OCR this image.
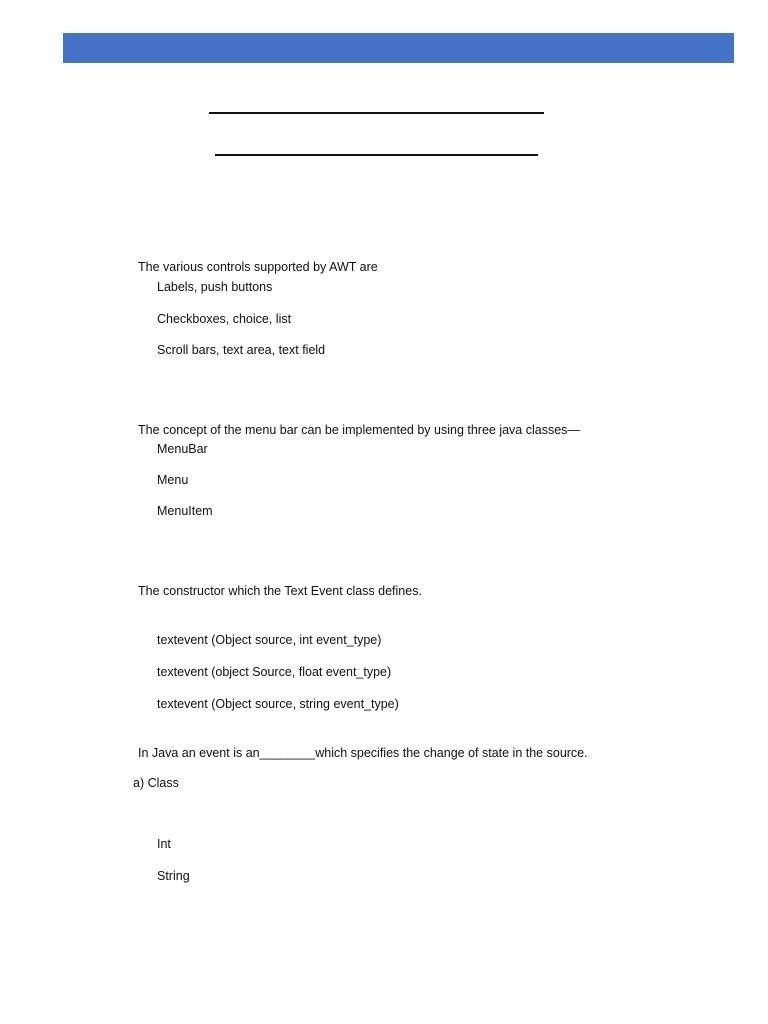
The various controls supported by AWT are
Labels, push buttons
Checkboxes, choice, list
Scroll bars, text area, text field
The concept of the menu bar can be implemented by using three java classes—
MenuBar
Menu
MenuItem
The constructor which the Text Event class defines.
textevent (Object source, int event_type)
textevent (object Source, float event_type)
textevent (Object source, string event_type)
In Java an event is an________which specifies the change of state in the source.
a) Class
Int
String
